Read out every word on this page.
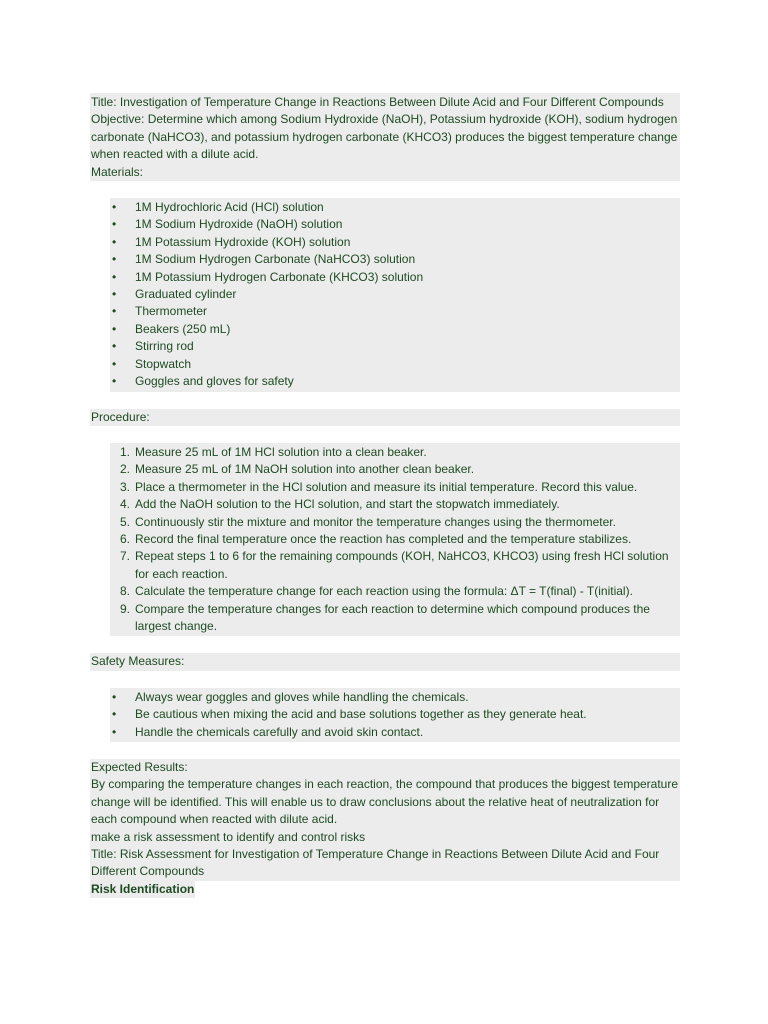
Title: Investigation of Temperature Change in Reactions Between Dilute Acid and Four Different Compounds

Objective: Determine which among Sodium Hydroxide (NaOH), Potassium hydroxide (KOH), sodium hydrogen carbonate (NaHCO3), and potassium hydrogen carbonate (KHCO3) produces the biggest temperature change when reacted with a dilute acid.

Materials:

•	1M Hydrochloric Acid (HCl) solution
•	1M Sodium Hydroxide (NaOH) solution
•	1M Potassium Hydroxide (KOH) solution
•	1M Sodium Hydrogen Carbonate (NaHCO3) solution
•	1M Potassium Hydrogen Carbonate (KHCO3) solution
•	Graduated cylinder
•	Thermometer
•	Beakers (250 mL)
•	Stirring rod
•	Stopwatch
•	Goggles and gloves for safety
Procedure:
1. Measure 25 mL of 1M HCl solution into a clean beaker.
2. Measure 25 mL of 1M NaOH solution into another clean beaker.
3. Place a thermometer in the HCl solution and measure its initial temperature. Record this value.
4. Add the NaOH solution to the HCl solution, and start the stopwatch immediately.
5. Continuously stir the mixture and monitor the temperature changes using the thermometer.
6. Record the final temperature once the reaction has completed and the temperature stabilizes.
7. Repeat steps 1 to 6 for the remaining compounds (KOH, NaHCO3, KHCO3) using fresh HCl solution for each reaction.
8. Calculate the temperature change for each reaction using the formula: ΔT = T(final) - T(initial).
9. Compare the temperature changes for each reaction to determine which compound produces the largest change.
Safety Measures:
•	Always wear goggles and gloves while handling the chemicals.
•	Be cautious when mixing the acid and base solutions together as they generate heat.
•	Handle the chemicals carefully and avoid skin contact.
Expected Results:
By comparing the temperature changes in each reaction, the compound that produces the biggest temperature change will be identified. This will enable us to draw conclusions about the relative heat of neutralization for each compound when reacted with dilute acid.
make a risk assessment to identify and control risks
Title: Risk Assessment for Investigation of Temperature Change in Reactions Between Dilute Acid and Four Different Compounds
Risk Identification
